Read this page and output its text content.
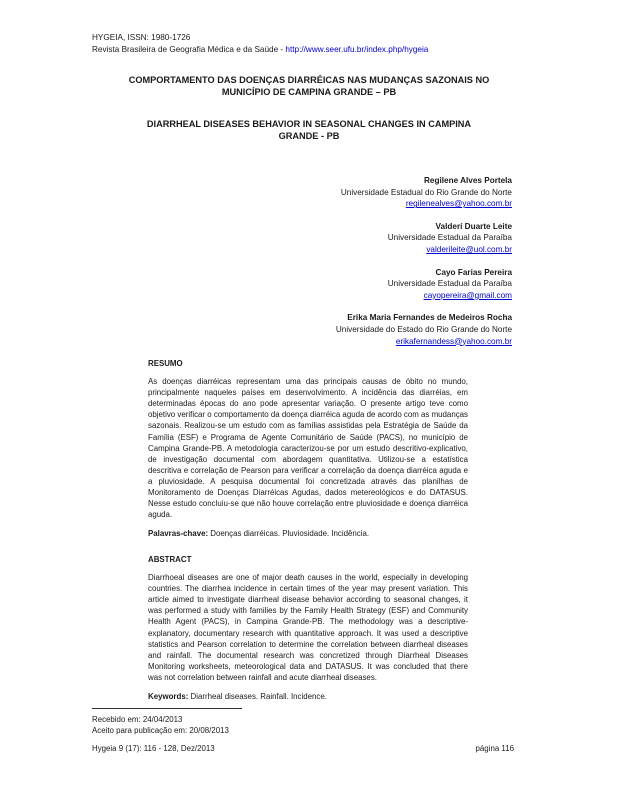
HYGEIA, ISSN: 1980-1726
Revista Brasileira de Geografia Médica e da Saúde - http://www.seer.ufu.br/index.php/hygeia
COMPORTAMENTO DAS DOENÇAS DIARRÉICAS NAS MUDANÇAS SAZONAIS NO
MUNICÍPIO DE CAMPINA GRANDE – PB
DIARRHEAL DISEASES BEHAVIOR IN SEASONAL CHANGES IN CAMPINA
GRANDE - PB
Regilene Alves Portela
Universidade Estadual do Rio Grande do Norte
regilenealves@yahoo.com.br
Valderí Duarte Leite
Universidade Estadual da Paraíba
valderileite@uol.com.br
Cayo Farias Pereira
Universidade Estadual da Paraíba
cayopereira@gmail.com
Erika Maria Fernandes de Medeiros Rocha
Universidade do Estado do Rio Grande do Norte
erikafernandess@yahoo.com.br
RESUMO
As doenças diarréicas representam uma das principais causas de óbito no mundo, principalmente naqueles países em desenvolvimento. A incidência das diarréias, em determinadas épocas do ano pode apresentar variação. O presente artigo teve como objetivo verificar o comportamento da doença diarréica aguda de acordo com as mudanças sazonais. Realizou-se um estudo com as famílias assistidas pela Estratégia de Saúde da Família (ESF) e Programa de Agente Comunitário de Saúde (PACS), no município de Campina Grande-PB. A metodologia caracterizou-se por um estudo descritivo-explicativo, de investigação documental com abordagem quantitativa. Utilizou-se a estatística descritiva e correlação de Pearson para verificar a correlação da doença diarréica aguda e a pluviosidade. A pesquisa documental foi concretizada através das planilhas de Monitoramento de Doenças Diarréicas Agudas, dados metereológicos e do DATASUS. Nesse estudo concluiu-se que não houve correlação entre pluviosidade e doença diarréica aguda.
Palavras-chave: Doenças diarréicas. Pluviosidade. Incidência.
ABSTRACT
Diarrhoeal diseases are one of major death causes in the world, especially in developing countries. The diarrhea incidence in certain times of the year may present variation. This article aimed to investigate diarrheal disease behavior according to seasonal changes, it was performed a study with families by the Family Health Strategy (ESF) and Community Health Agent (PACS), in Campina Grande-PB. The methodology was a descriptive-explanatory, documentary research with quantitative approach. It was used a descriptive statistics and Pearson correlation to determine the correlation between diarrheal diseases and rainfall. The documental research was concretized through Diarrheal Diseases Monitoring worksheets, meteorological data and DATASUS. It was concluded that there was not correlation between rainfall and acute diarrheal diseases.
Keywords: Diarrheal diseases. Rainfall. Incidence.
Recebido em: 24/04/2013
Aceito para publicação em: 20/08/2013
Hygeia 9 (17): 116 - 128, Dez/2013	página 116
